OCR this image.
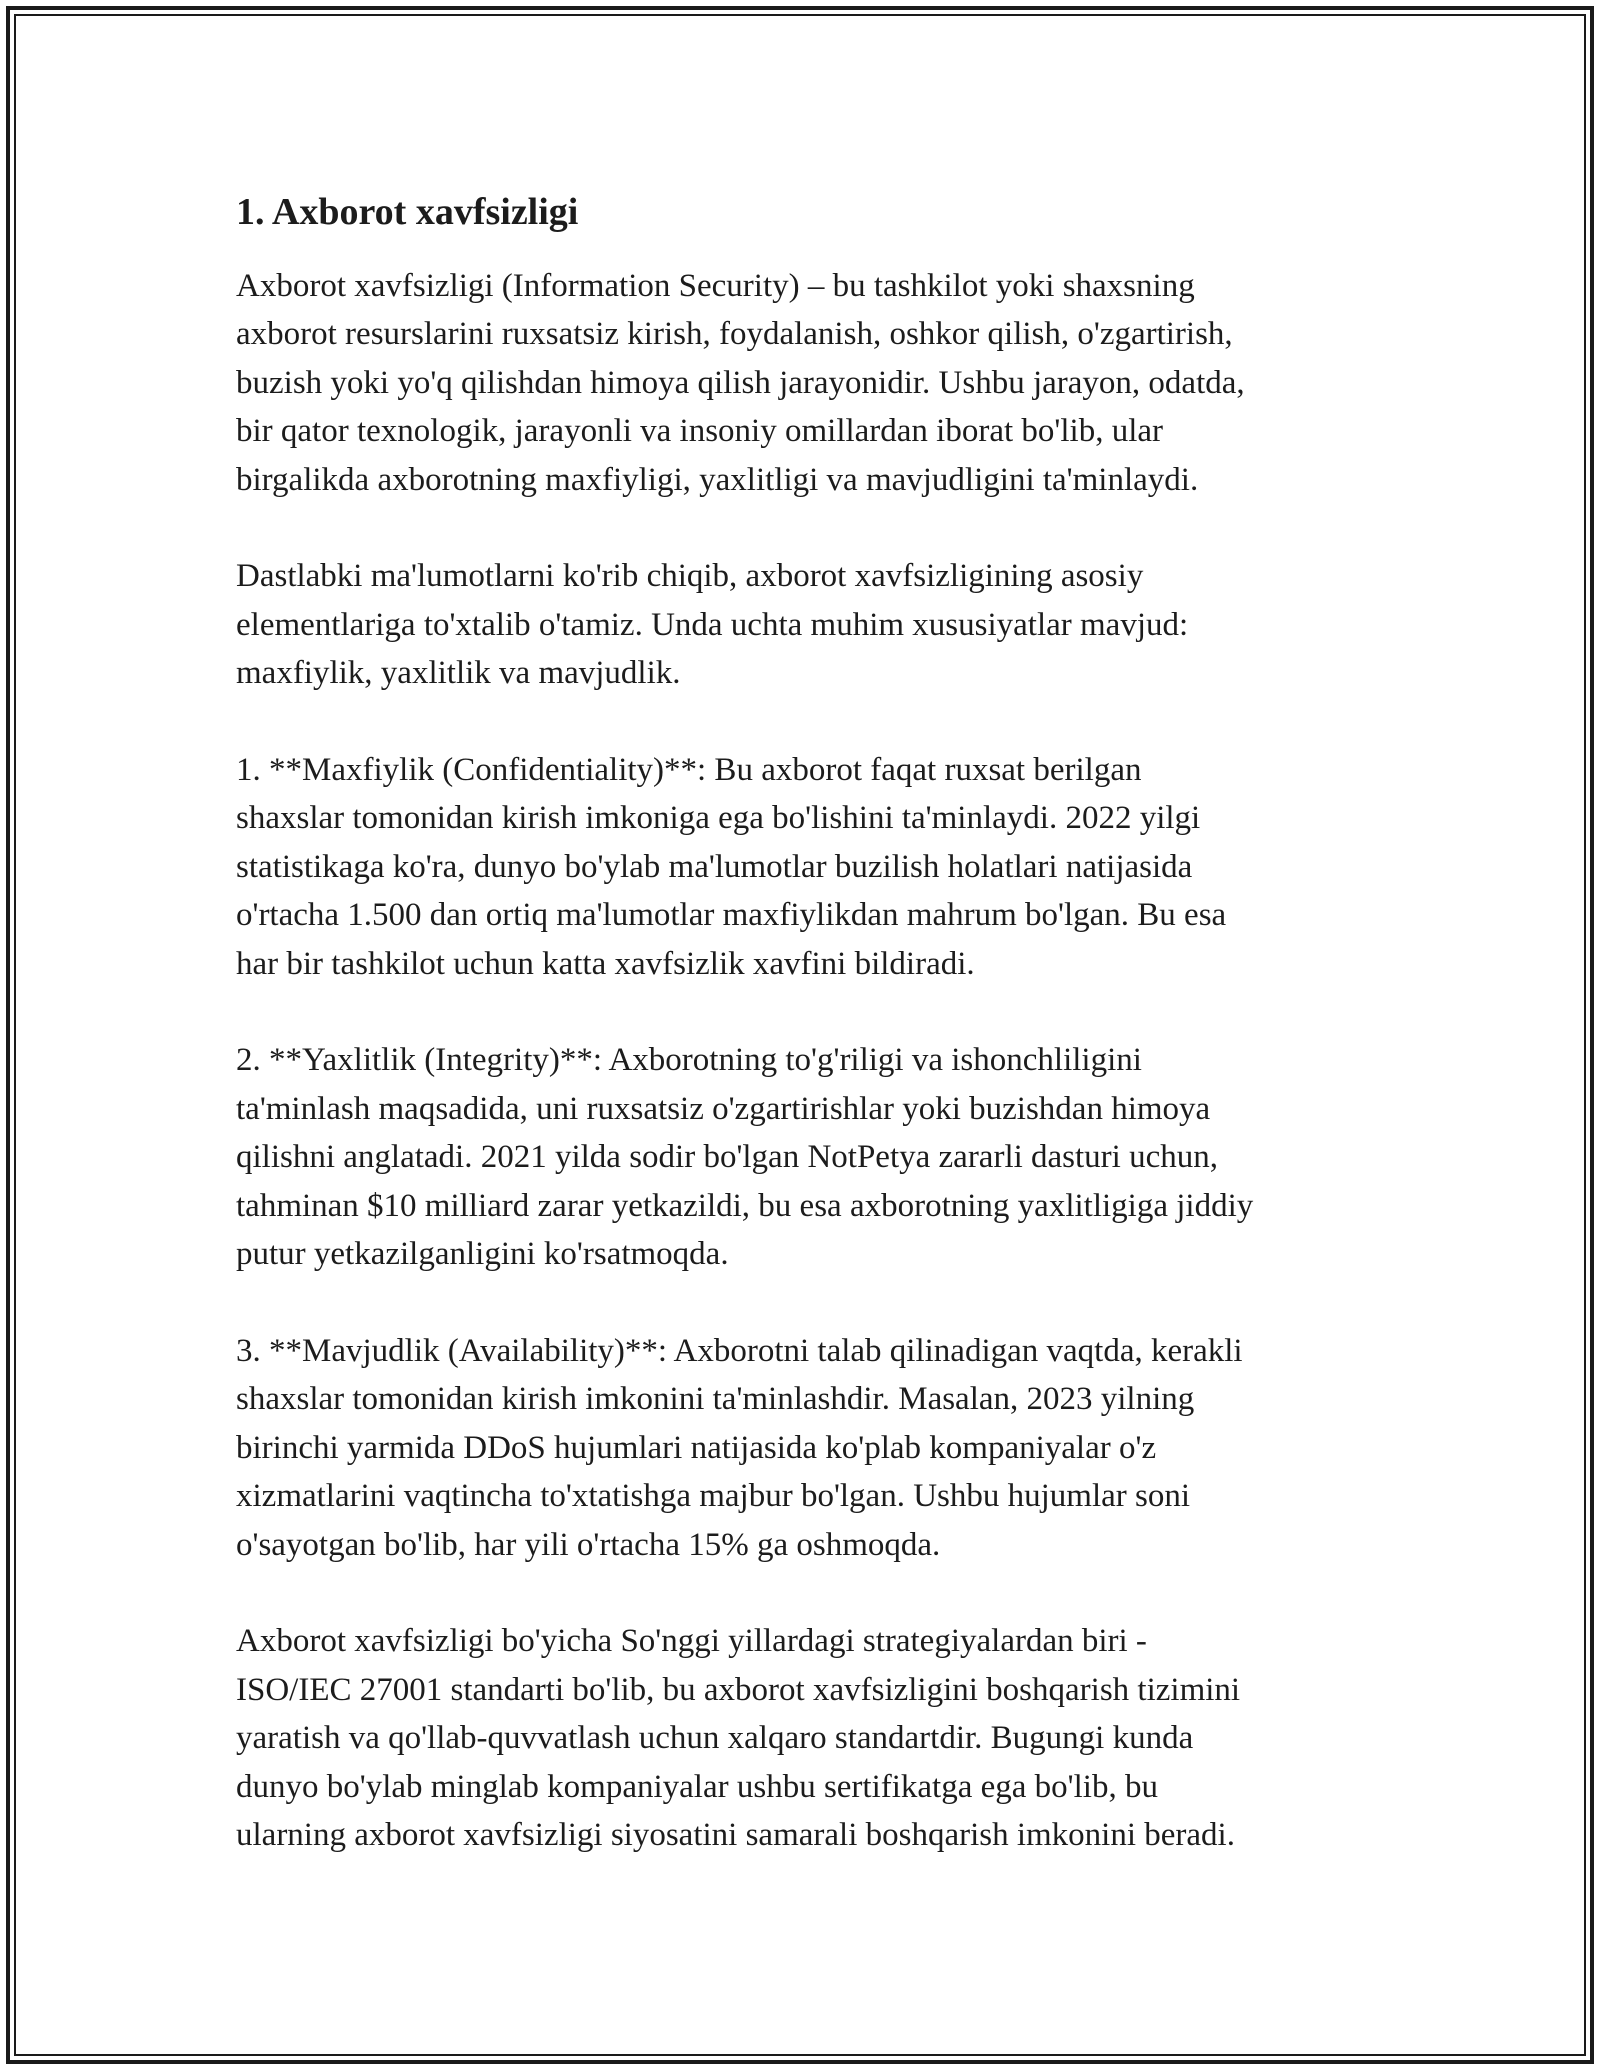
1. Axborot xavfsizligi
Axborot xavfsizligi (Information Security) – bu tashkilot yoki shaxsning
axborot resurslarini ruxsatsiz kirish, foydalanish, oshkor qilish, o'zgartirish,
buzish yoki yo'q qilishdan himoya qilish jarayonidir. Ushbu jarayon, odatda,
bir qator texnologik, jarayonli va insoniy omillardan iborat bo'lib, ular
birgalikda axborotning maxfiyligi, yaxlitligi va mavjudligini ta'minlaydi.
Dastlabki ma'lumotlarni ko'rib chiqib, axborot xavfsizligining asosiy
elementlariga to'xtalib o'tamiz. Unda uchta muhim xususiyatlar mavjud:
maxfiylik, yaxlitlik va mavjudlik.
1. **Maxfiylik (Confidentiality)**: Bu axborot faqat ruxsat berilgan
shaxslar tomonidan kirish imkoniga ega bo'lishini ta'minlaydi. 2022 yilgi
statistikaga ko'ra, dunyo bo'ylab ma'lumotlar buzilish holatlari natijasida
o'rtacha 1.500 dan ortiq ma'lumotlar maxfiylikdan mahrum bo'lgan. Bu esa
har bir tashkilot uchun katta xavfsizlik xavfini bildiradi.
2. **Yaxlitlik (Integrity)**: Axborotning to'g'riligi va ishonchliligini
ta'minlash maqsadida, uni ruxsatsiz o'zgartirishlar yoki buzishdan himoya
qilishni anglatadi. 2021 yilda sodir bo'lgan NotPetya zararli dasturi uchun,
tahminan $10 milliard zarar yetkazildi, bu esa axborotning yaxlitligiga jiddiy
putur yetkazilganligini ko'rsatmoqda.
3. **Mavjudlik (Availability)**: Axborotni talab qilinadigan vaqtda, kerakli
shaxslar tomonidan kirish imkonini ta'minlashdir. Masalan, 2023 yilning
birinchi yarmida DDoS hujumlari natijasida ko'plab kompaniyalar o'z
xizmatlarini vaqtincha to'xtatishga majbur bo'lgan. Ushbu hujumlar soni
o'sayotgan bo'lib, har yili o'rtacha 15% ga oshmoqda.
Axborot xavfsizligi bo'yicha So'nggi yillardagi strategiyalardan biri -
ISO/IEC 27001 standarti bo'lib, bu axborot xavfsizligini boshqarish tizimini
yaratish va qo'llab-quvvatlash uchun xalqaro standartdir. Bugungi kunda
dunyo bo'ylab minglab kompaniyalar ushbu sertifikatga ega bo'lib, bu
ularning axborot xavfsizligi siyosatini samarali boshqarish imkonini beradi.
